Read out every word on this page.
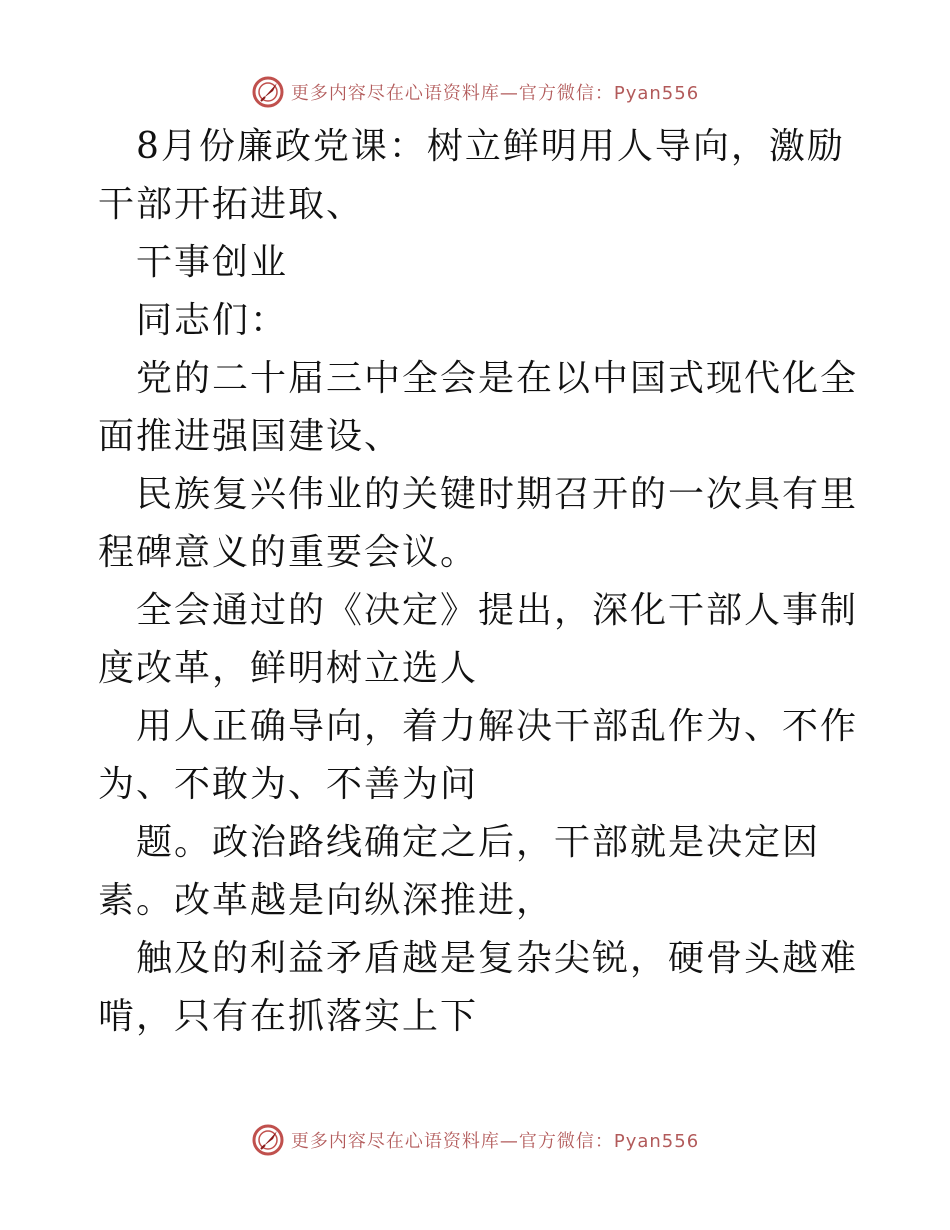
更多内容尽在心语资料库—官方微信：Pyan556

8月份廉政党课：树立鲜明用人导向，激励干部开拓进取、

干事创业

同志们：

党的二十届三中全会是在以中国式现代化全面推进强国建设、

民族复兴伟业的关键时期召开的一次具有里程碑意义的重要会议。

全会通过的《决定》提出，深化干部人事制度改革，鲜明树立选人

用人正确导向，着力解决干部乱作为、不作为、不敢为、不善为问

题。政治路线确定之后，干部就是决定因素。改革越是向纵深推进，

触及的利益矛盾越是复杂尖锐，硬骨头越难啃，只有在抓落实上下

更多内容尽在心语资料库—官方微信：Pyan556
